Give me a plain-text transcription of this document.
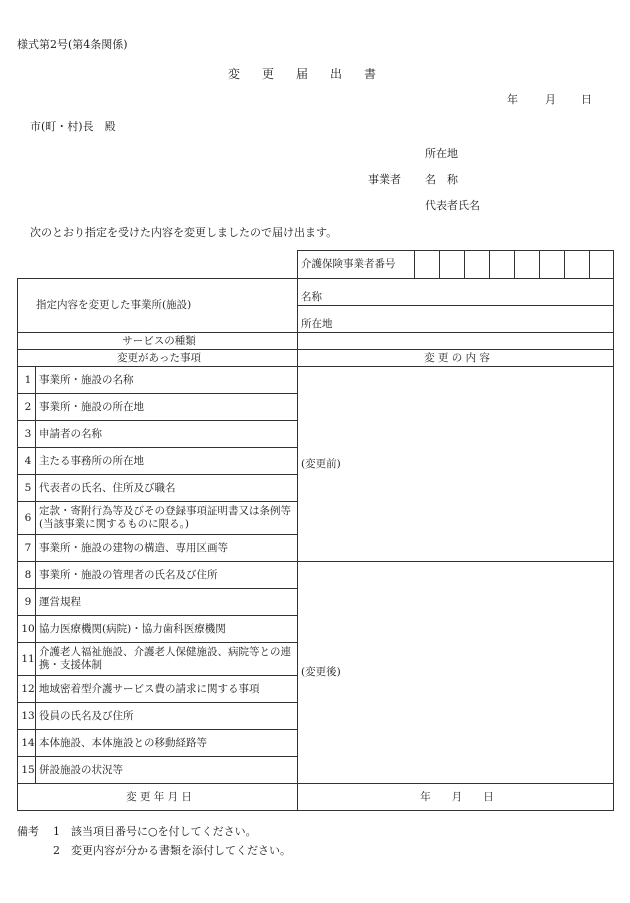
様式第2号(第4条関係)
変更届出書
年 月 日
市(町・村)長　殿
所在地
事業者 名　称
代表者氏名
次のとおり指定を受けた内容を変更しましたので届け出ます。
		介護保険事業者番号								
指定内容を変更した事業所(施設)		名称								
		所在地								
サービスの種類										
変更があった事項		変 更 の 内 容								
1	事業所・施設の名称	(変更前)								
2	事業所・施設の所在地									
3	申請者の名称									
4	主たる事務所の所在地									
5	代表者の氏名、住所及び職名									
6	定款・寄附行為等及びその登録事項証明書又は条例等(当該事業に関するものに限る。)									
7	事業所・施設の建物の構造、専用区画等									
8	事業所・施設の管理者の氏名及び住所	(変更後)								
9	運営規程									
10	協力医療機関(病院)・協力歯科医療機関									
11	介護老人福祉施設、介護老人保健施設、病院等との連携・支援体制									
12	地域密着型介護サービス費の請求に関する事項									
13	役員の氏名及び住所									
14	本体施設、本体施設との移動経路等									
15	併設施設の状況等									
変 更 年 月 日		年　　月　　日								
備考 1 該当項目番号に○を付してください。
2 変更内容が分かる書類を添付してください。
